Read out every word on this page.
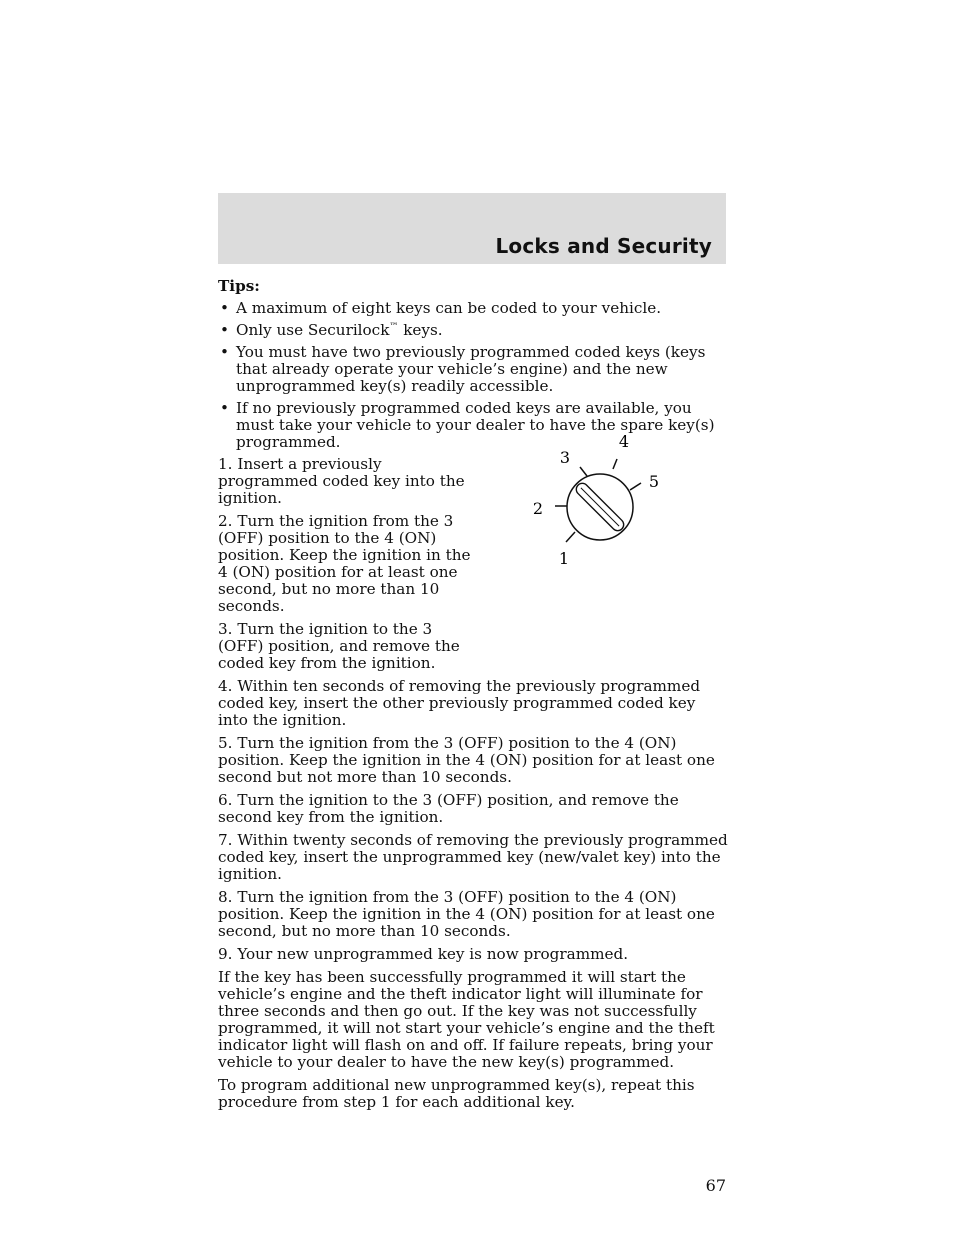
Locks and Security
Tips:
• A maximum of eight keys can be coded to your vehicle.
• Only use Securilock™ keys.
• You must have two previously programmed coded keys (keys that already operate your vehicle’s engine) and the new unprogrammed key(s) readily accessible.
• If no previously programmed coded keys are available, you must take your vehicle to your dealer to have the spare key(s) programmed.

1. Insert a previously programmed coded key into the ignition.

2. Turn the ignition from the 3 (OFF) position to the 4 (ON) position. Keep the ignition in the 4 (ON) position for at least one second, but no more than 10 seconds.

3. Turn the ignition to the 3 (OFF) position, and remove the coded key from the ignition.

4. Within ten seconds of removing the previously programmed coded key, insert the other previously programmed coded key into the ignition.

5. Turn the ignition from the 3 (OFF) position to the 4 (ON) position. Keep the ignition in the 4 (ON) position for at least one second but not more than 10 seconds.

6. Turn the ignition to the 3 (OFF) position, and remove the second key from the ignition.

7. Within twenty seconds of removing the previously programmed coded key, insert the unprogrammed key (new/valet key) into the ignition.

8. Turn the ignition from the 3 (OFF) position to the 4 (ON) position. Keep the ignition in the 4 (ON) position for at least one second, but no more than 10 seconds.

9. Your new unprogrammed key is now programmed.

If the key has been successfully programmed it will start the vehicle’s engine and the theft indicator light will illuminate for three seconds and then go out. If the key was not successfully programmed, it will not start your vehicle’s engine and the theft indicator light will flash on and off. If failure repeats, bring your vehicle to your dealer to have the new key(s) programmed.

To program additional new unprogrammed key(s), repeat this procedure from step 1 for each additional key.

1
2
3
4
5
67
